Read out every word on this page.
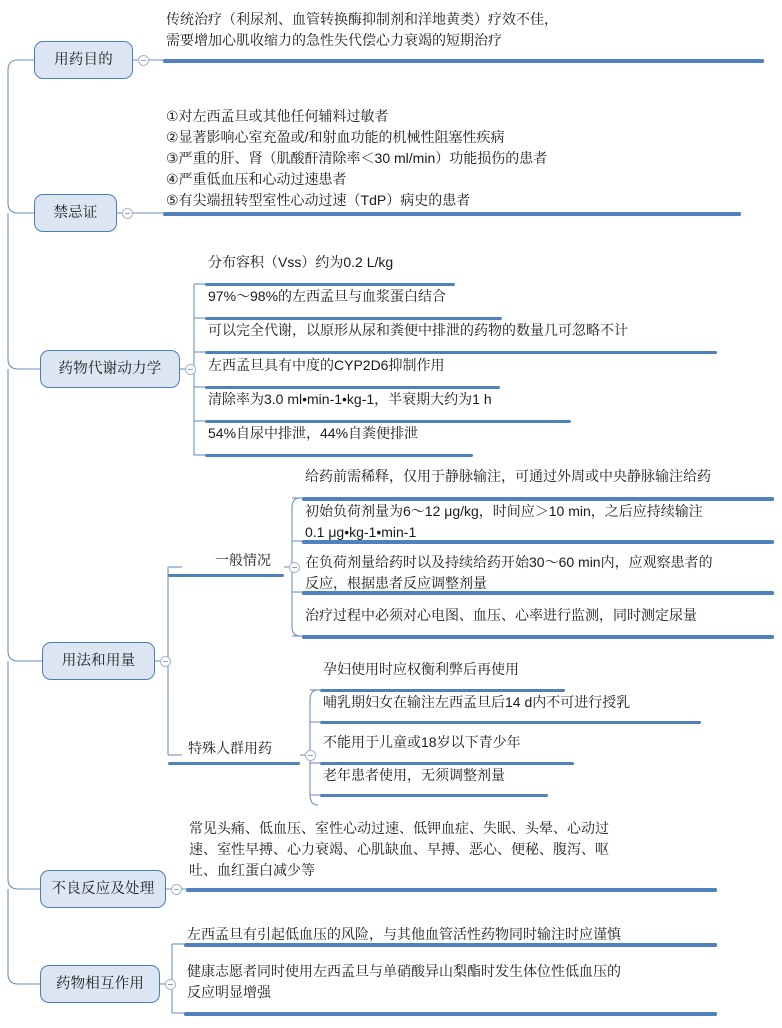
用药目的
禁忌证
药物代谢动力学
用法和用量
不良反应及处理
药物相互作用
一般情况
特殊人群用药
传统治疗（利尿剂、血管转换酶抑制剂和洋地黄类）疗效不佳，
需要增加心肌收缩力的急性失代偿心力衰竭的短期治疗
①对左西孟旦或其他任何辅料过敏者
②显著影响心室充盈或/和射血功能的机械性阻塞性疾病
③严重的肝、肾（肌酸酐清除率＜30 ml/min）功能损伤的患者
④严重低血压和心动过速患者
⑤有尖端扭转型室性心动过速（TdP）病史的患者
分布容积（Vss）约为0.2 L/kg
97%～98%的左西孟旦与血浆蛋白结合
可以完全代谢，以原形从尿和粪便中排泄的药物的数量几可忽略不计
左西孟旦具有中度的CYP2D6抑制作用
清除率为3.0 ml•min-1•kg-1，半衰期大约为1 h
54%自尿中排泄，44%自粪便排泄
给药前需稀释，仅用于静脉输注，可通过外周或中央静脉输注给药
初始负荷剂量为6～12 μg/kg，时间应＞10 min，之后应持续输注
0.1 μg•kg-1•min-1
在负荷剂量给药时以及持续给药开始30～60 min内，应观察患者的
反应，根据患者反应调整剂量
治疗过程中必须对心电图、血压、心率进行监测，同时测定尿量
孕妇使用时应权衡利弊后再使用
哺乳期妇女在输注左西孟旦后14 d内不可进行授乳
不能用于儿童或18岁以下青少年
老年患者使用，无须调整剂量
常见头痛、低血压、室性心动过速、低钾血症、失眠、头晕、心动过
速、室性早搏、心力衰竭、心肌缺血、早搏、恶心、便秘、腹泻、呕
吐、血红蛋白减少等
左西孟旦有引起低血压的风险，与其他血管活性药物同时输注时应谨慎
健康志愿者同时使用左西孟旦与单硝酸异山梨酯时发生体位性低血压的
反应明显增强
